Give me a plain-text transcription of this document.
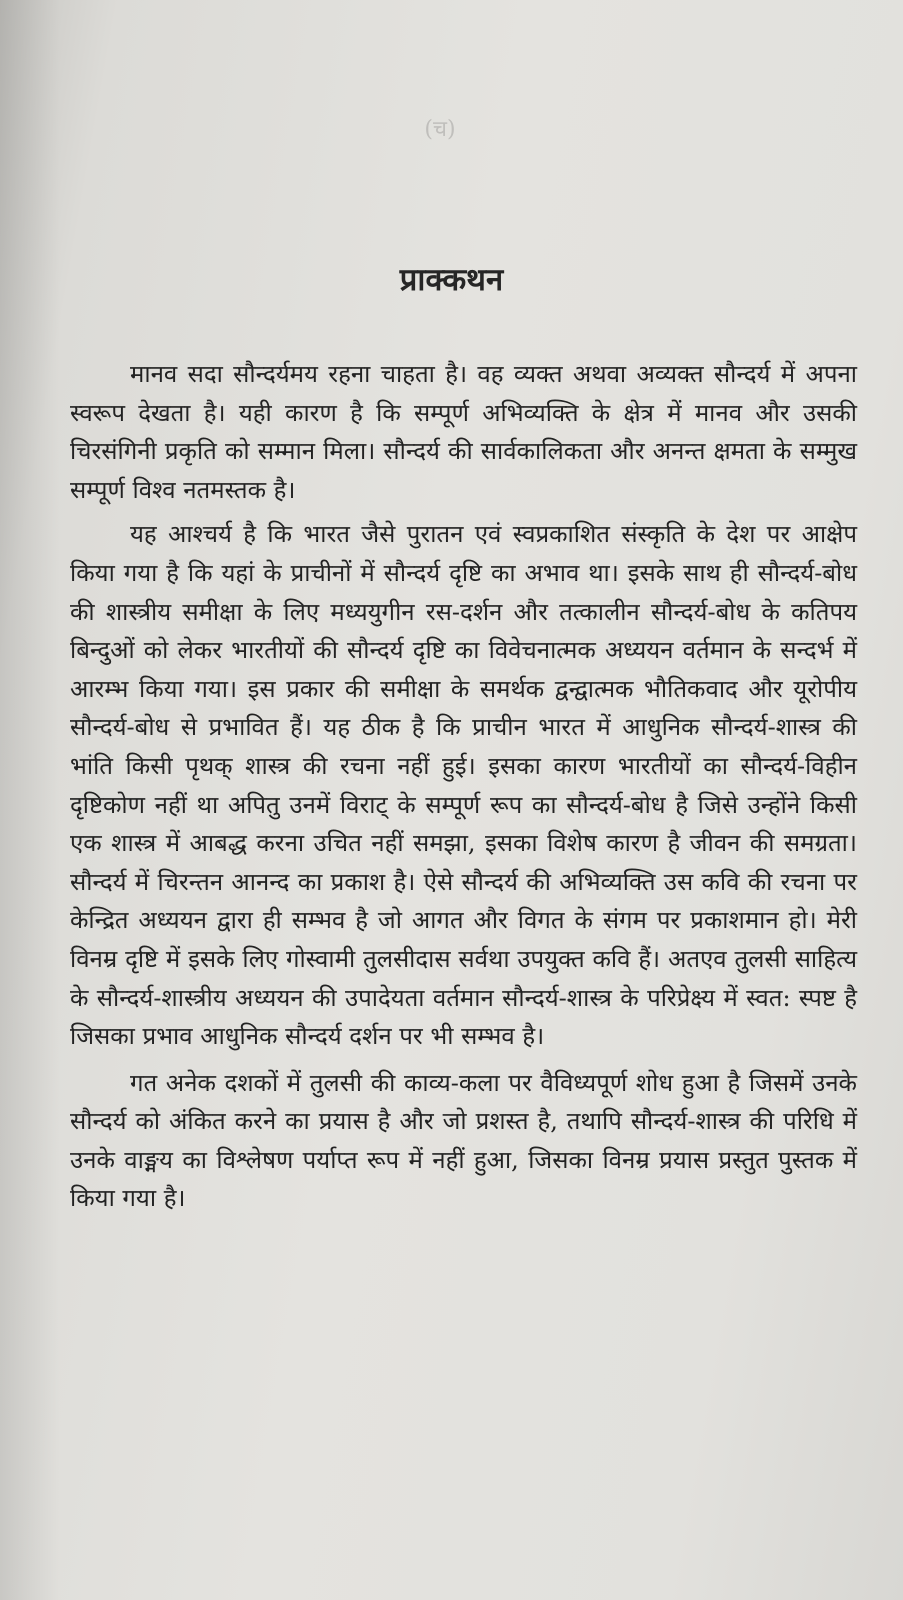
(च)
प्राक्कथन

मानव सदा सौन्दर्यमय रहना चाहता है। वह व्यक्त अथवा अव्यक्त सौन्दर्य में अपना स्वरूप देखता है। यही कारण है कि सम्पूर्ण अभिव्यक्ति के क्षेत्र में मानव और उसकी चिरसंगिनी प्रकृति को सम्मान मिला। सौन्दर्य की सार्वकालिकता और अनन्त क्षमता के सम्मुख सम्पूर्ण विश्व नतमस्तक है।

यह आश्चर्य है कि भारत जैसे पुरातन एवं स्वप्रकाशित संस्कृति के देश पर आक्षेप किया गया है कि यहां के प्राचीनों में सौन्दर्य दृष्टि का अभाव था। इसके साथ ही सौन्दर्य-बोध की शास्त्रीय समीक्षा के लिए मध्ययुगीन रस-दर्शन और तत्कालीन सौन्दर्य-बोध के कतिपय बिन्दुओं को लेकर भारतीयों की सौन्दर्य दृष्टि का विवेचनात्मक अध्ययन वर्तमान के सन्दर्भ में आरम्भ किया गया। इस प्रकार की समीक्षा के समर्थक द्वन्द्वात्मक भौतिकवाद और यूरोपीय सौन्दर्य-बोध से प्रभावित हैं। यह ठीक है कि प्राचीन भारत में आधुनिक सौन्दर्य-शास्त्र की भांति किसी पृथक् शास्त्र की रचना नहीं हुई। इसका कारण भारतीयों का सौन्दर्य-विहीन दृष्टिकोण नहीं था अपितु उनमें विराट् के सम्पूर्ण रूप का सौन्दर्य-बोध है जिसे उन्होंने किसी एक शास्त्र में आबद्ध करना उचित नहीं समझा, इसका विशेष कारण है जीवन की समग्रता। सौन्दर्य में चिरन्तन आनन्द का प्रकाश है। ऐसे सौन्दर्य की अभिव्यक्ति उस कवि की रचना पर केन्द्रित अध्ययन द्वारा ही सम्भव है जो आगत और विगत के संगम पर प्रकाशमान हो। मेरी विनम्र दृष्टि में इसके लिए गोस्वामी तुलसीदास सर्वथा उपयुक्त कवि हैं। अतएव तुलसी साहित्य के सौन्दर्य-शास्त्रीय अध्ययन की उपादेयता वर्तमान सौन्दर्य-शास्त्र के परिप्रेक्ष्य में स्वत: स्पष्ट है जिसका प्रभाव आधुनिक सौन्दर्य दर्शन पर भी सम्भव है।

गत अनेक दशकों में तुलसी की काव्य-कला पर वैविध्यपूर्ण शोध हुआ है जिसमें उनके सौन्दर्य को अंकित करने का प्रयास है और जो प्रशस्त है, तथापि सौन्दर्य-शास्त्र की परिधि में उनके वाङ्मय का विश्लेषण पर्याप्त रूप में नहीं हुआ, जिसका विनम्र प्रयास प्रस्तुत पुस्तक में किया गया है।
